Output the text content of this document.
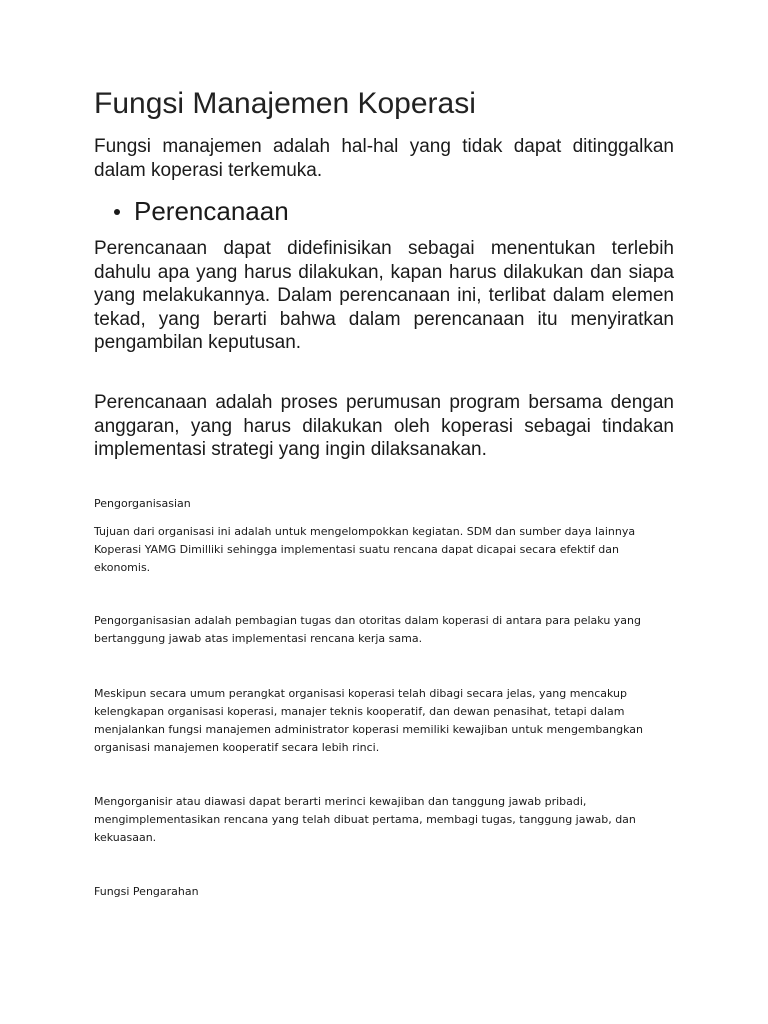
Fungsi Manajemen Koperasi

Fungsi manajemen adalah hal-hal yang tidak dapat ditinggalkan dalam koperasi terkemuka.

Perencanaan

Perencanaan dapat didefinisikan sebagai menentukan terlebih dahulu apa yang harus dilakukan, kapan harus dilakukan dan siapa yang melakukannya. Dalam perencanaan ini, terlibat dalam elemen tekad, yang berarti bahwa dalam perencanaan itu menyiratkan pengambilan keputusan.

Perencanaan adalah proses perumusan program bersama dengan anggaran, yang harus dilakukan oleh koperasi sebagai tindakan implementasi strategi yang ingin dilaksanakan.

Pengorganisasian

Tujuan dari organisasi ini adalah untuk mengelompokkan kegiatan. SDM dan sumber daya lainnya Koperasi YAMG Dimilliki sehingga implementasi suatu rencana dapat dicapai secara efektif dan ekonomis.

Pengorganisasian adalah pembagian tugas dan otoritas dalam koperasi di antara para pelaku yang bertanggung jawab atas implementasi rencana kerja sama.

Meskipun secara umum perangkat organisasi koperasi telah dibagi secara jelas, yang mencakup kelengkapan organisasi koperasi, manajer teknis kooperatif, dan dewan penasihat, tetapi dalam menjalankan fungsi manajemen administrator koperasi memiliki kewajiban untuk mengembangkan organisasi manajemen kooperatif secara lebih rinci.

Mengorganisir atau diawasi dapat berarti merinci kewajiban dan tanggung jawab pribadi, mengimplementasikan rencana yang telah dibuat pertama, membagi tugas, tanggung jawab, dan kekuasaan.

Fungsi Pengarahan
